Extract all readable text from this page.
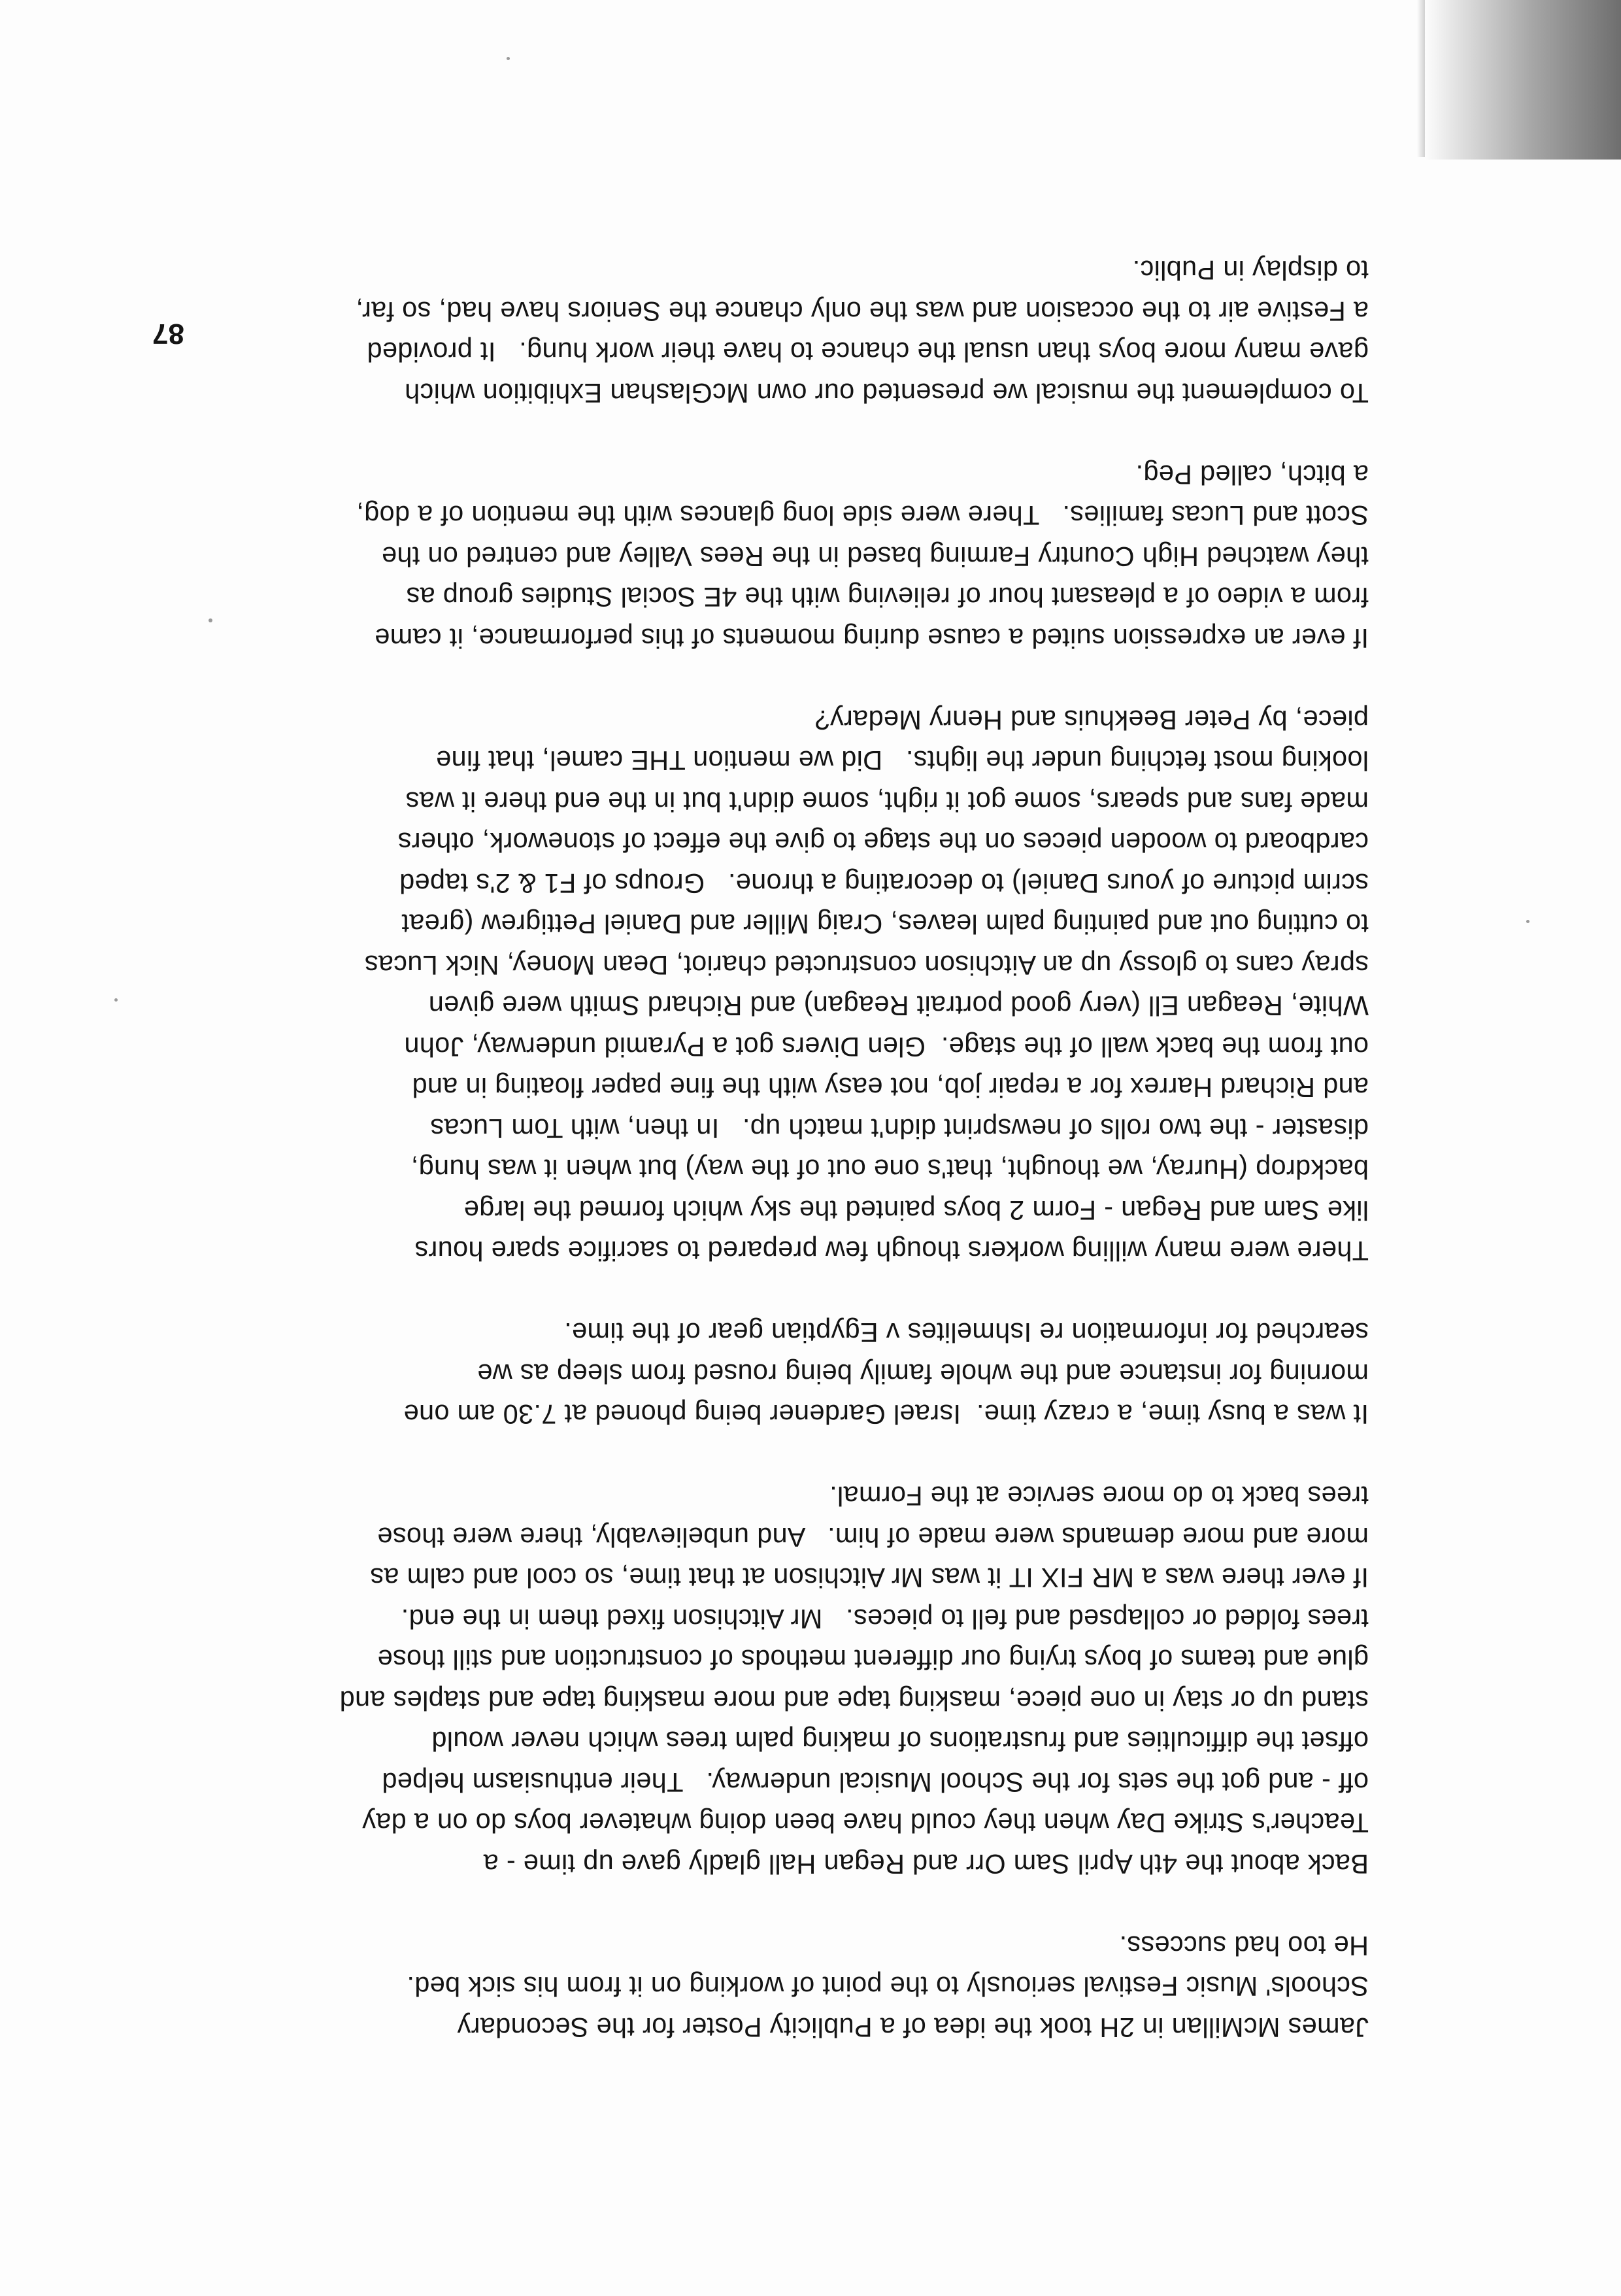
James McMillan in 2H took the idea of a Publicity Poster for the Secondary
Schools' Music Festival seriously to the point of working on it from his sick bed.
He too had success.
Back about the 4th April Sam Orr and Regan Hall gladly gave up time - a
Teacher's Strike Day when they could have been doing whatever boys do on a day
off - and got the sets for the School Musical underway.   Their enthusiasm helped
offset the difficulties and frustrations of making palm trees which never would
stand up or stay in one piece, masking tape and more masking tape and staples and
glue and teams of boys trying our different methods of construction and still those
trees folded or collapsed and fell to pieces.   Mr Aitchison fixed them in the end.
If ever there was a MR FIX IT it was Mr Aitchison at that time, so cool and calm as
more and more demands were made of him.   And unbelievably, there were those
trees back to do more service at the Formal.
It was a busy time, a crazy time.  Israel Gardener being phoned at 7.30 am one
morning for instance and the whole family being roused from sleep as we
searched for information re Ishmelites v Egyptian gear of the time.
There were many willing workers though few prepared to sacrifice spare hours
like Sam and Regan - Form 2 boys painted the sky which formed the large
backdrop (Hurray, we thought, that's one out of the way) but when it was hung,
disaster - the two rolls of newsprint didn't match up.   In then, with Tom Lucas
and Richard Harrex for a repair job, not easy with the fine paper floating in and
out from the back wall of the stage.  Glen Divers got a Pyramid underway, John
White, Reagan Ell (very good portrait Reagan) and Richard Smith were given
spray cans to glossy up an Aitchison constructed chariot, Dean Money, Nick Lucas
to cutting out and painting palm leaves, Craig Miller and Daniel Pettigrew (great
scrim picture of yours Daniel) to decorating a throne.   Groups of F1 & 2's taped
cardboard to wooden pieces on the stage to give the effect of stonework, others
made fans and spears, some got it right, some didn't but in the end there it was
looking most fetching under the lights.   Did we mention THE camel, that fine
piece, by Peter Beekhuis and Henry Medary?
If ever an expression suited a cause during moments of this performance, it came
from a video of a pleasant hour of relieving with the 4E Social Studies group as
they watched High Country Farming based in the Rees Valley and centred on the
Scott and Lucas families.   There were side long glances with the mention of a dog,
a bitch, called Peg.
To complement the musical we presented our own McGlashan Exhibition which
gave many more boys than usual the chance to have their work hung.   It provided
a Festive air to the occasion and was the only chance the Seniors have had, so far,
to display in Public.
87
